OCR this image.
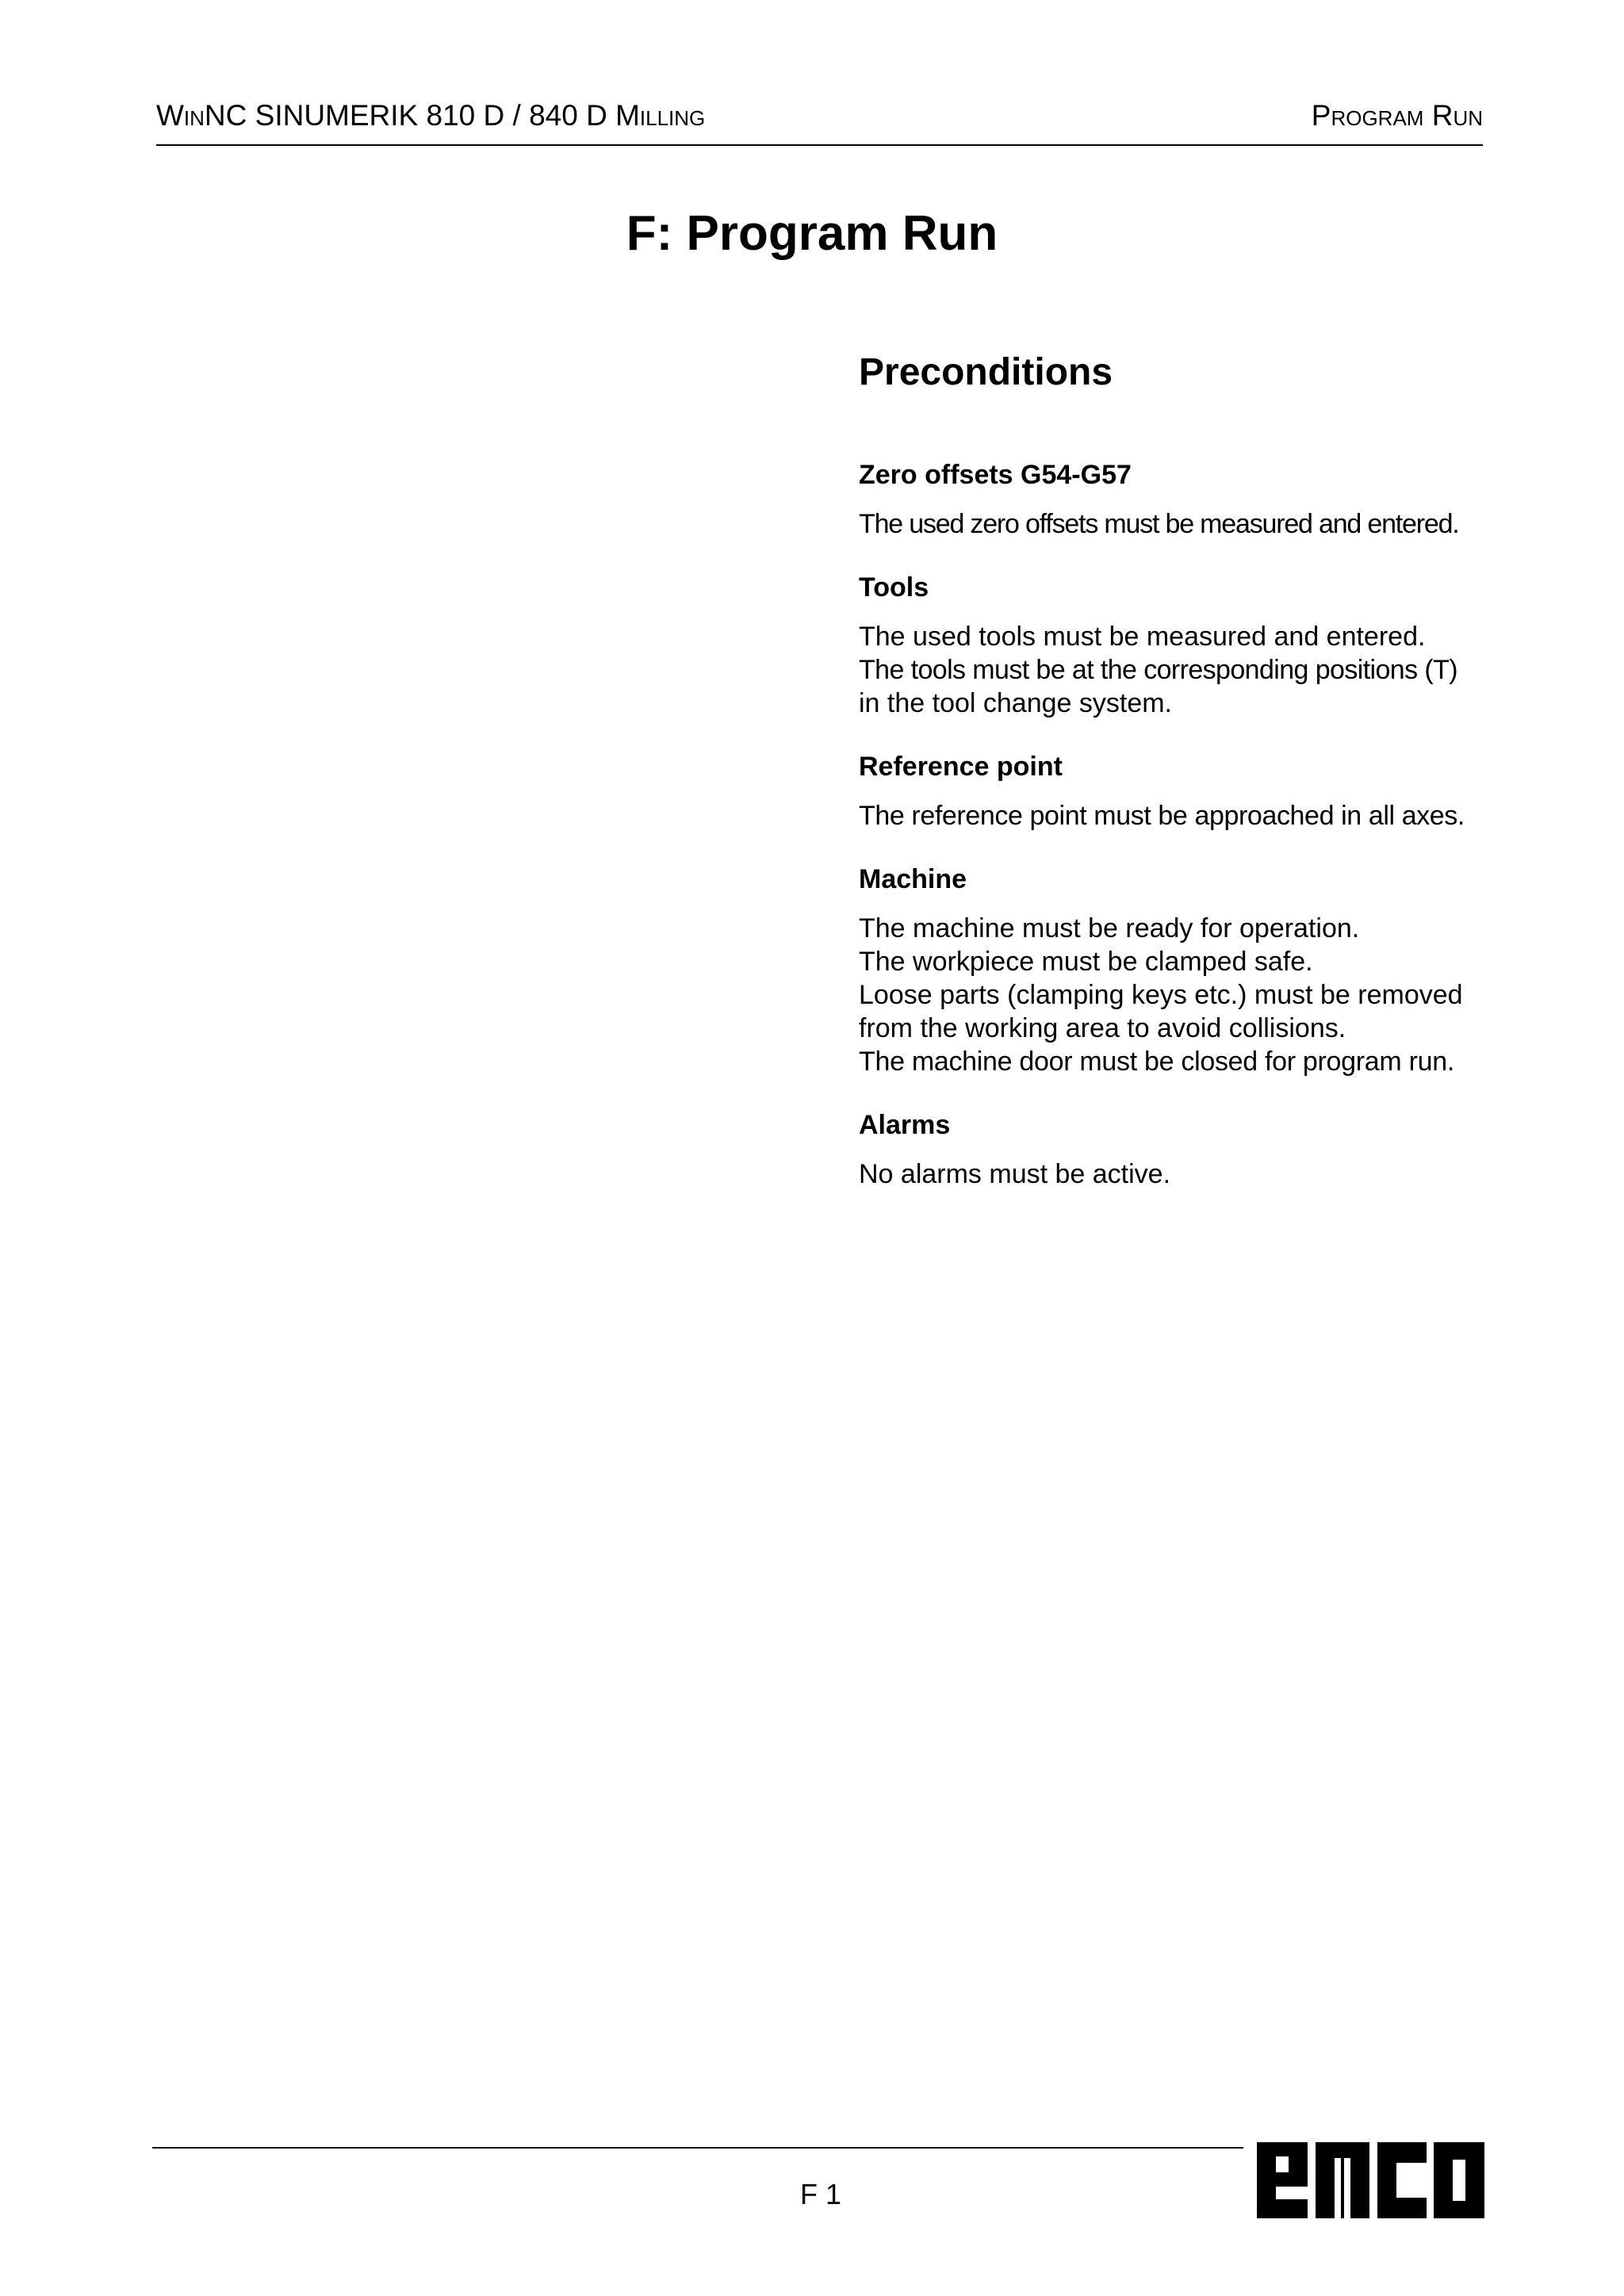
WinNC SINUMERIK 810 D / 840 D Milling	Program Run
F: Program Run
Preconditions
Zero offsets G54-G57

The used zero offsets must be measured and entered.

Tools

The used tools must be measured and entered.

The tools must be at the corresponding positions (T)

in the tool change system.

Reference point

The reference point must be approached in all axes.

Machine

The machine must be ready for operation.

The workpiece must be clamped safe.

Loose parts (clamping keys etc.) must be removed

from the working area to avoid collisions.

The machine door must be closed for program run.

Alarms

No alarms must be active.

F 1
